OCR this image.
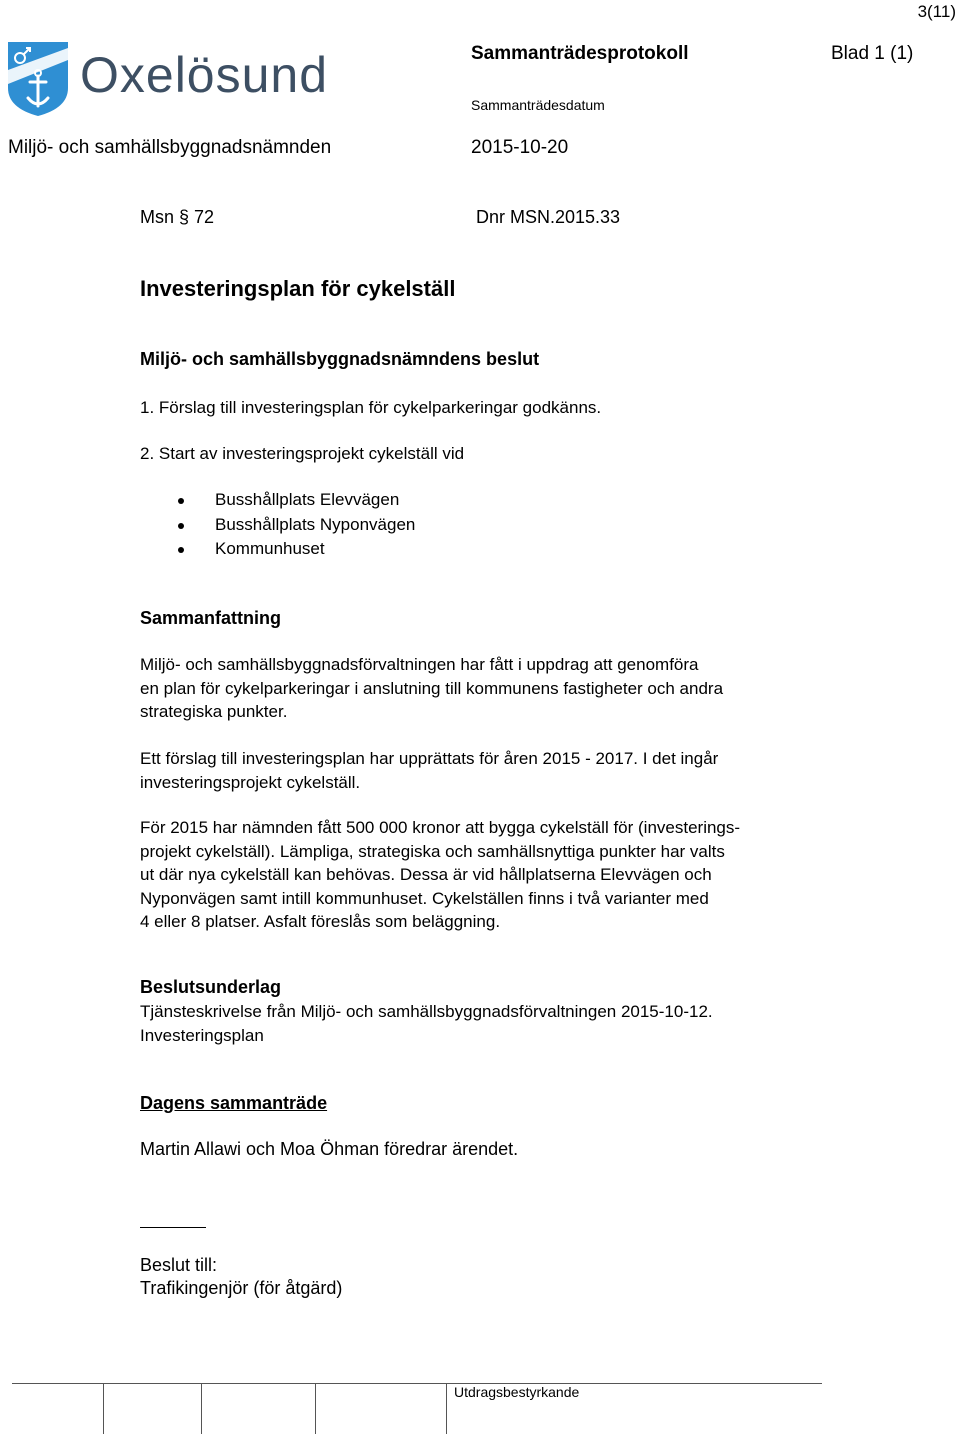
3(11)
Oxelösund	Sammanträdesprotokoll	Blad 1 (1)
Sammanträdesdatum
Miljö- och samhällsbyggnadsnämnden	2015-10-20
Msn § 72	Dnr MSN.2015.33
Investeringsplan för cykelställ
Miljö- och samhällsbyggnadsnämndens beslut
1. Förslag till investeringsplan för cykelparkeringar godkänns.
2. Start av investeringsprojekt cykelställ vid
Busshållplats Elevvägen
Busshållplats Nyponvägen
Kommunhuset
Sammanfattning
Miljö- och samhällsbyggnadsförvaltningen har fått i uppdrag att genomföra
en plan för cykelparkeringar i anslutning till kommunens fastigheter och andra
strategiska punkter.
Ett förslag till investeringsplan har upprättats för åren 2015 - 2017. I det ingår
investeringsprojekt cykelställ.
För 2015 har nämnden fått 500 000 kronor att bygga cykelställ för (investerings-
projekt cykelställ). Lämpliga, strategiska och samhällsnyttiga punkter har valts
ut där nya cykelställ kan behövas. Dessa är vid hållplatserna Elevvägen och
Nyponvägen samt intill kommunhuset. Cykelställen finns i två varianter med
4 eller 8 platser. Asfalt föreslås som beläggning.
Beslutsunderlag
Tjänsteskrivelse från Miljö- och samhällsbyggnadsförvaltningen 2015-10-12.
Investeringsplan
Dagens sammanträde
Martin Allawi och Moa Öhman föredrar ärendet.
Beslut till:
Trafikingenjör (för åtgärd)
Utdragsbestyrkande
